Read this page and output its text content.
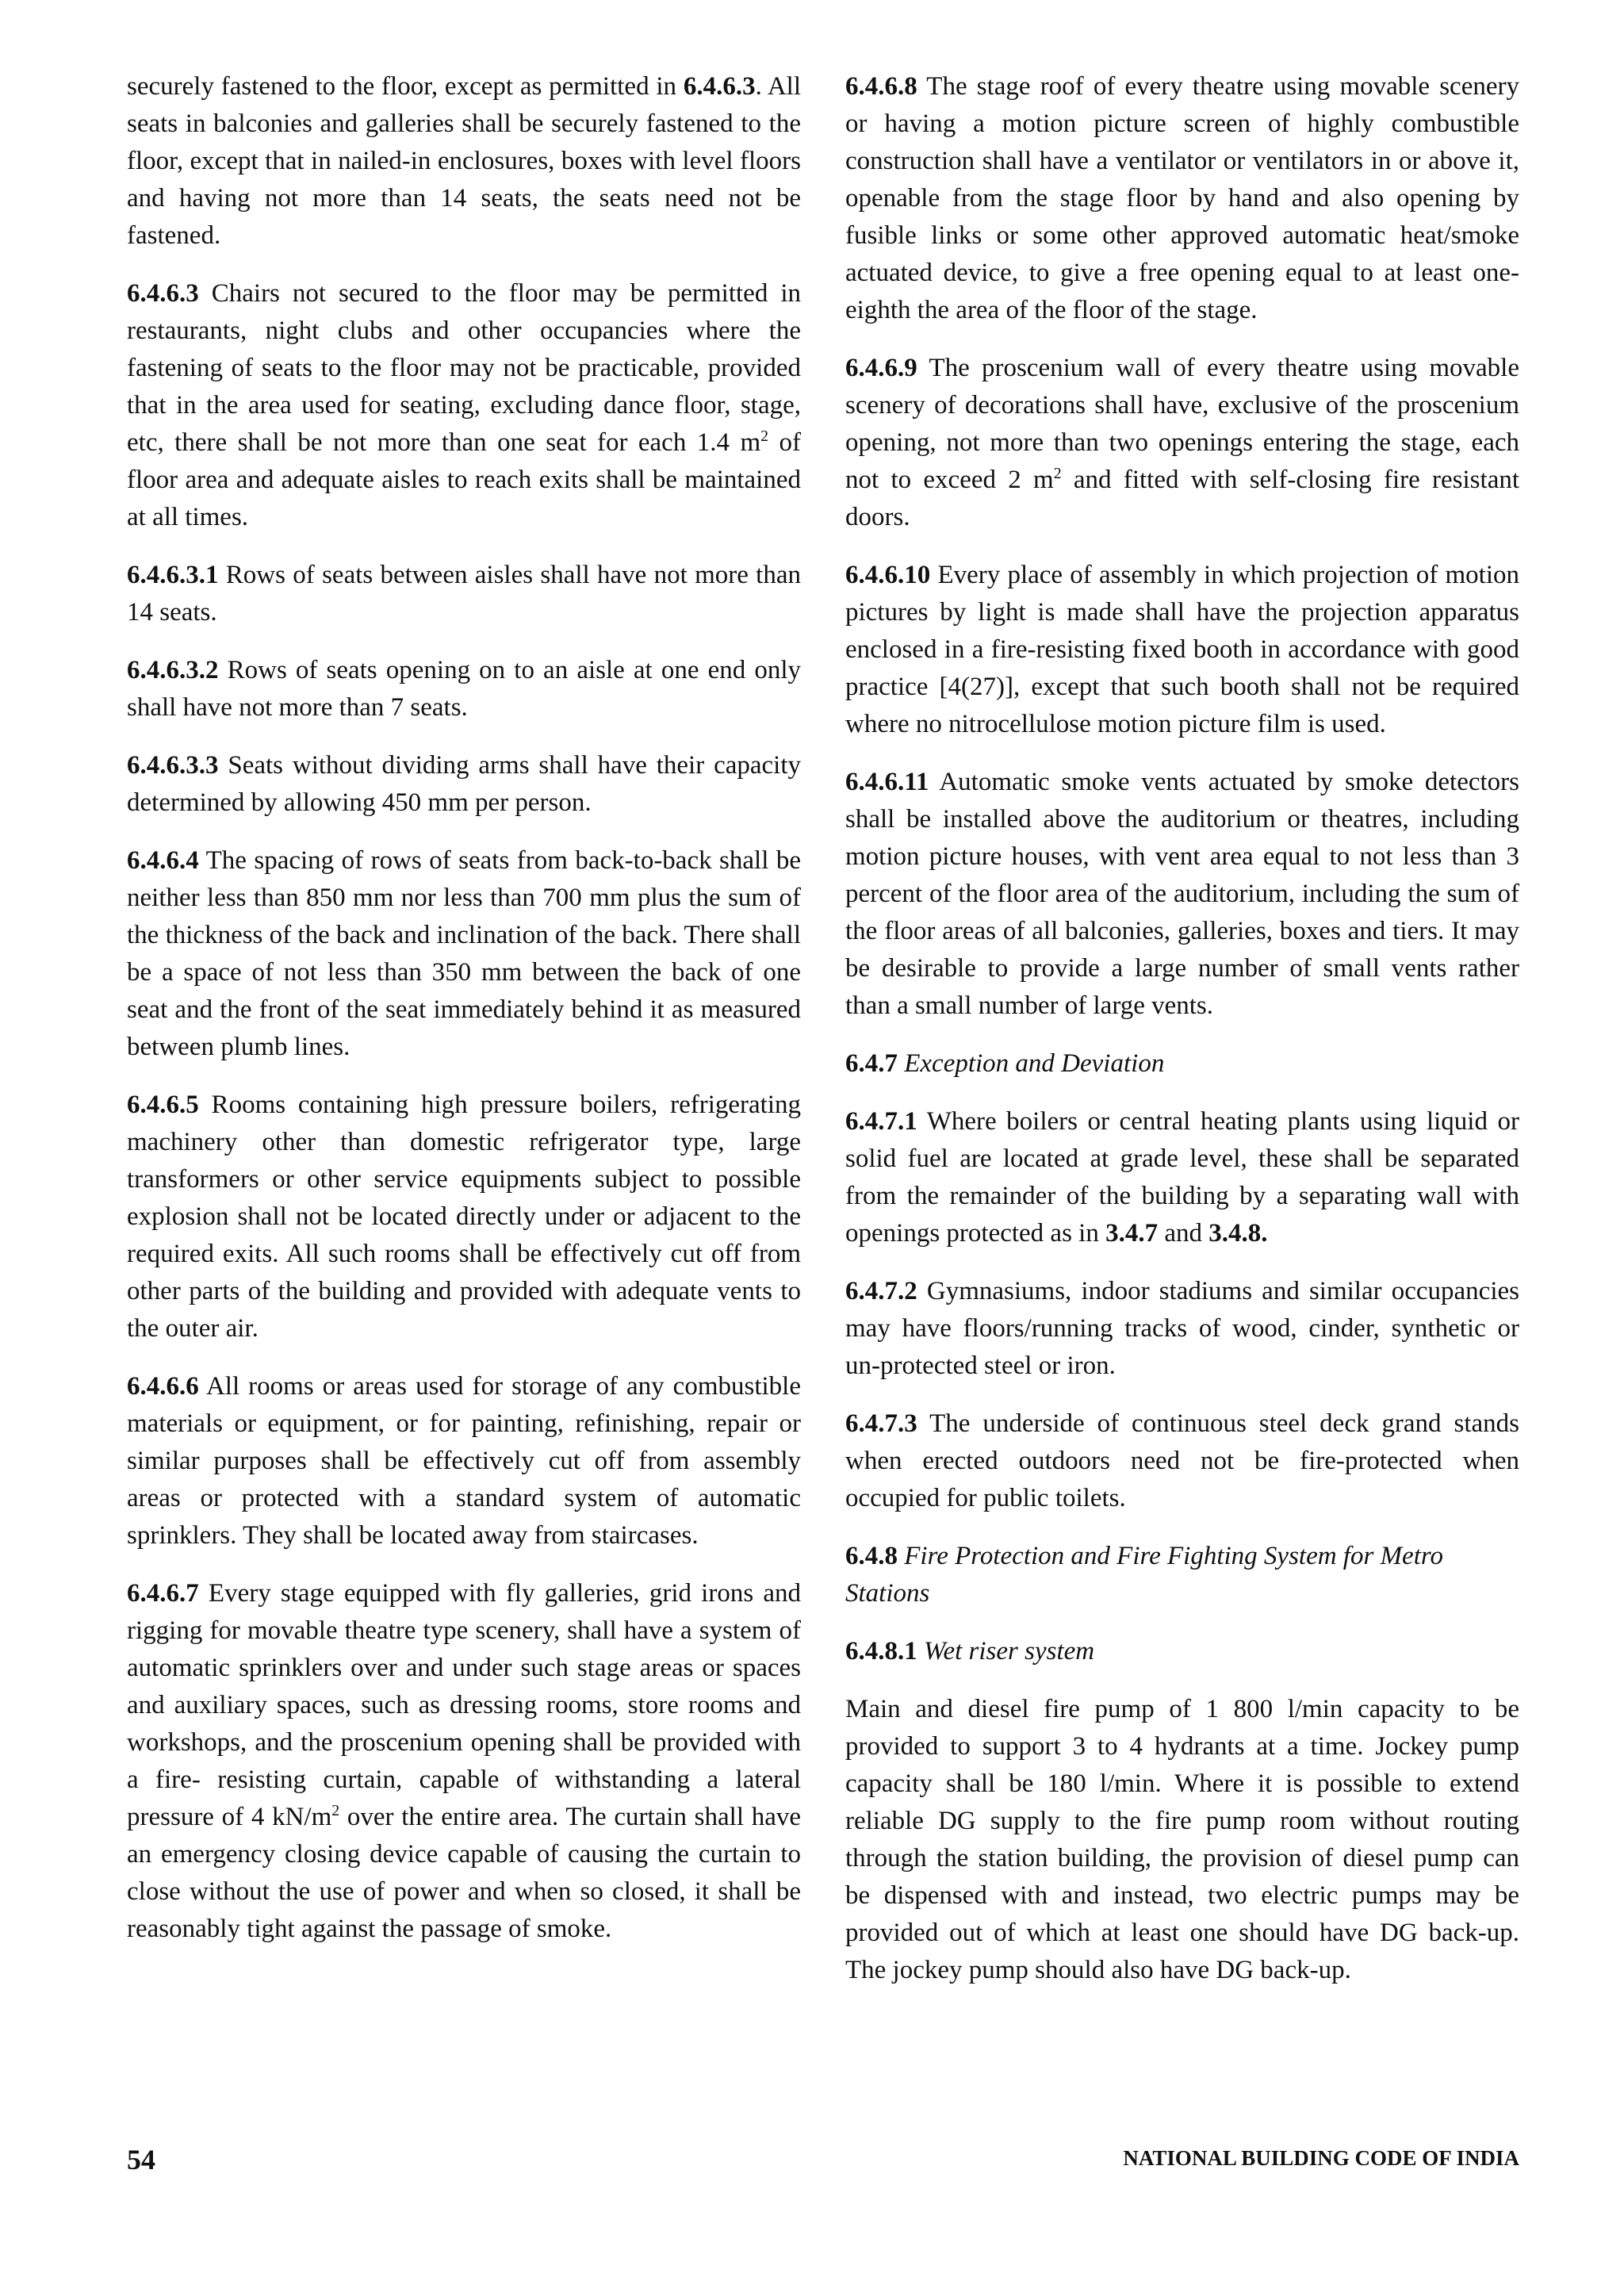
securely fastened to the floor, except as permitted in 6.4.6.3. All seats in balconies and galleries shall be securely fastened to the floor, except that in nailed-in enclosures, boxes with level floors and having not more than 14 seats, the seats need not be fastened.

6.4.6.3 Chairs not secured to the floor may be permitted in restaurants, night clubs and other occupancies where the fastening of seats to the floor may not be practicable, provided that in the area used for seating, excluding dance floor, stage, etc, there shall be not more than one seat for each 1.4 $m^2$ of floor area and adequate aisles to reach exits shall be maintained at all times.

6.4.6.3.1 Rows of seats between aisles shall have not more than 14 seats.

6.4.6.3.2 Rows of seats opening on to an aisle at one end only shall have not more than 7 seats.

6.4.6.3.3 Seats without dividing arms shall have their capacity determined by allowing 450 mm per person.

6.4.6.4 The spacing of rows of seats from back-to-back shall be neither less than 850 mm nor less than 700 mm plus the sum of the thickness of the back and inclination of the back. There shall be a space of not less than 350 mm between the back of one seat and the front of the seat immediately behind it as measured between plumb lines.

6.4.6.5 Rooms containing high pressure boilers, refrigerating machinery other than domestic refrigerator type, large transformers or other service equipments subject to possible explosion shall not be located directly under or adjacent to the required exits. All such rooms shall be effectively cut off from other parts of the building and provided with adequate vents to the outer air.

6.4.6.6 All rooms or areas used for storage of any combustible materials or equipment, or for painting, refinishing, repair or similar purposes shall be effectively cut off from assembly areas or protected with a standard system of automatic sprinklers. They shall be located away from staircases.

6.4.6.7 Every stage equipped with fly galleries, grid irons and rigging for movable theatre type scenery, shall have a system of automatic sprinklers over and under such stage areas or spaces and auxiliary spaces, such as dressing rooms, store rooms and workshops, and the proscenium opening shall be provided with a fire- resisting curtain, capable of withstanding a lateral pressure of 4 $kN/m^2$ over the entire area. The curtain shall have an emergency closing device capable of causing the curtain to close without the use of power and when so closed, it shall be reasonably tight against the passage of smoke.

6.4.6.8 The stage roof of every theatre using movable scenery or having a motion picture screen of highly combustible construction shall have a ventilator or ventilators in or above it, openable from the stage floor by hand and also opening by fusible links or some other approved automatic heat/smoke actuated device, to give a free opening equal to at least one-eighth the area of the floor of the stage.

6.4.6.9 The proscenium wall of every theatre using movable scenery of decorations shall have, exclusive of the proscenium opening, not more than two openings entering the stage, each not to exceed 2 $m^2$ and fitted with self-closing fire resistant doors.

6.4.6.10 Every place of assembly in which projection of motion pictures by light is made shall have the projection apparatus enclosed in a fire-resisting fixed booth in accordance with good practice [4(27)], except that such booth shall not be required where no nitrocellulose motion picture film is used.

6.4.6.11 Automatic smoke vents actuated by smoke detectors shall be installed above the auditorium or theatres, including motion picture houses, with vent area equal to not less than 3 percent of the floor area of the auditorium, including the sum of the floor areas of all balconies, galleries, boxes and tiers. It may be desirable to provide a large number of small vents rather than a small number of large vents.

6.4.7 Exception and Deviation

6.4.7.1 Where boilers or central heating plants using liquid or solid fuel are located at grade level, these shall be separated from the remainder of the building by a separating wall with openings protected as in 3.4.7 and 3.4.8.

6.4.7.2 Gymnasiums, indoor stadiums and similar occupancies may have floors/running tracks of wood, cinder, synthetic or un-protected steel or iron.

6.4.7.3 The underside of continuous steel deck grand stands when erected outdoors need not be fire-protected when occupied for public toilets.

6.4.8 Fire Protection and Fire Fighting System for Metro Stations

6.4.8.1 Wet riser system

Main and diesel fire pump of 1 800 l/min capacity to be provided to support 3 to 4 hydrants at a time. Jockey pump capacity shall be 180 l/min. Where it is possible to extend reliable DG supply to the fire pump room without routing through the station building, the provision of diesel pump can be dispensed with and instead, two electric pumps may be provided out of which at least one should have DG back-up. The jockey pump should also have DG back-up.

54	NATIONAL BUILDING CODE OF INDIA
